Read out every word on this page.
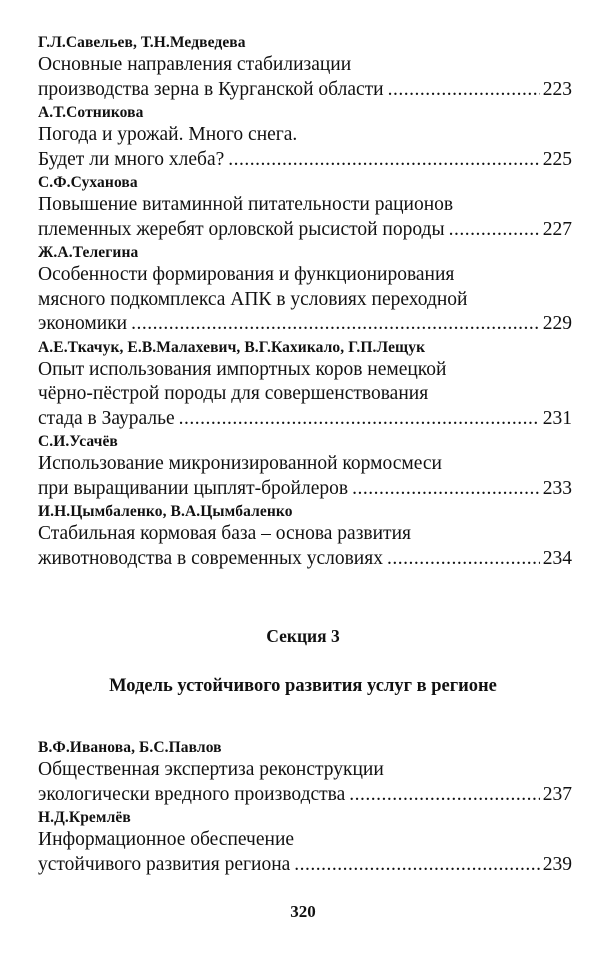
Г.Л.Савельев, Т.Н.Медведева
Основные направления стабилизации
производства зерна в Курганской области .....	223
А.Т.Сотникова
Погода и урожай. Много снега.
Будет ли много хлеба? .....	225
С.Ф.Суханова
Повышение витаминной питательности рационов
племенных жеребят орловской рысистой породы .....	227
Ж.А.Телегина
Особенности формирования и функционирования
мясного подкомплекса АПК в условиях переходной
экономики .....	229
А.Е.Ткачук, Е.В.Малахевич, В.Г.Кахикало, Г.П.Лещук
Опыт использования импортных коров немецкой
чёрно-пёстрой породы для совершенствования
стада в Зауралье .....	231
С.И.Усачёв
Использование микронизированной кормосмеси
при выращивании цыплят-бройлеров .....	233
И.Н.Цымбаленко, В.А.Цымбаленко
Стабильная кормовая база – основа развития
животноводства в современных условиях .....	234
Секция 3
Модель устойчивого развития услуг в регионе
В.Ф.Иванова, Б.С.Павлов
Общественная экспертиза реконструкции
экологически вредного производства .....	237
Н.Д.Кремлёв
Информационное обеспечение
устойчивого развития региона .....	239
320
